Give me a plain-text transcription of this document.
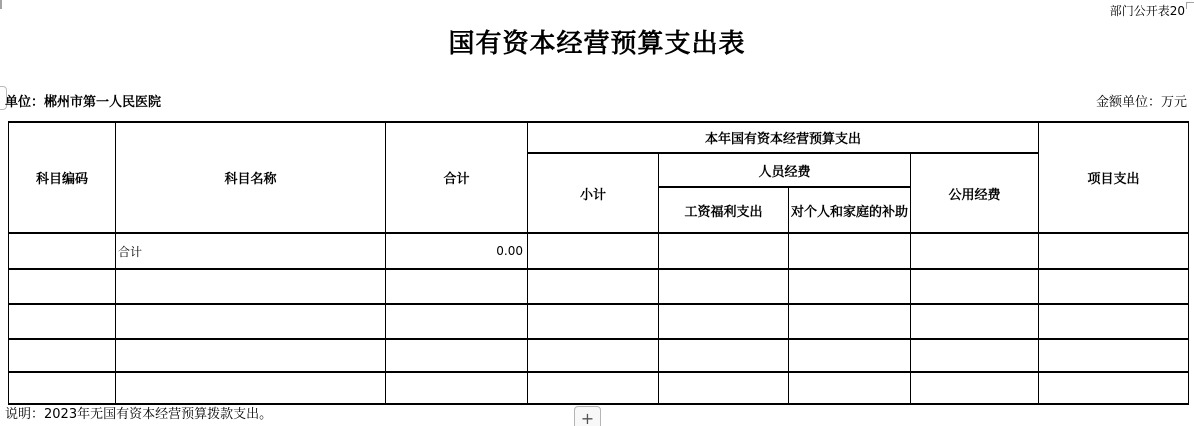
部门公开表20
国有资本经营预算支出表
单位：郴州市第一人民医院	金额单位：万元
科目编码	科目名称	合计	本年国有资本经营预算支出				项目支出
			小计	人员经费		公用经费	
				工资福利支出	对个人和家庭的补助		
	合计	0.00					

说明：2023年无国有资本经营预算拨款支出。	+
